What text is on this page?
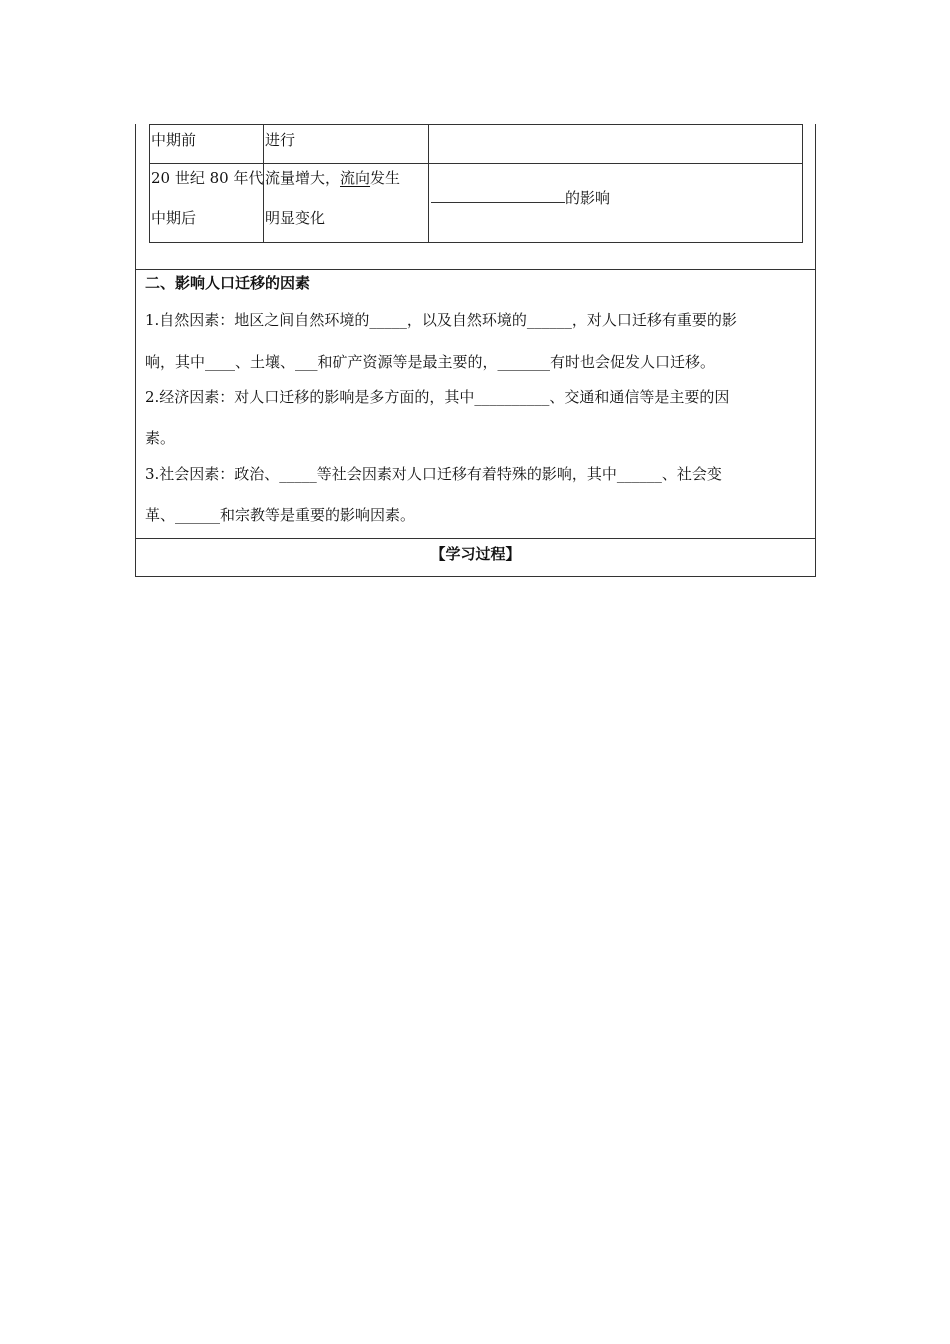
中期前	进行
20 世纪 80 年代
中期后
流量增大，流向发生
明显变化
的影响
二、影响人口迁移的因素
1.自然因素：地区之间自然环境的_____，以及自然环境的______，对人口迁移有重要的影
响，其中____、土壤、___和矿产资源等是最主要的，_______有时也会促发人口迁移。
2.经济因素：对人口迁移的影响是多方面的，其中__________、交通和通信等是主要的因
素。
3.社会因素：政治、_____等社会因素对人口迁移有着特殊的影响，其中______、社会变
革、______和宗教等是重要的影响因素。
【学习过程】
